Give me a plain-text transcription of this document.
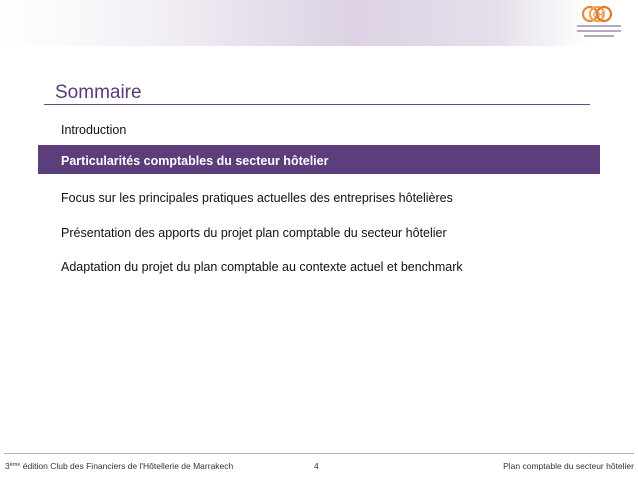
CH
Sommaire
Introduction
Particularités comptables du secteur hôtelier
Focus sur les principales pratiques actuelles des entreprises hôtelières
Présentation des apports du projet plan comptable du secteur hôtelier
Adaptation du projet du plan comptable au contexte actuel et benchmark
3ème édition Club des Financiers de l'Hôtellerie de Marrakech	4	Plan comptable du secteur hôtelier
